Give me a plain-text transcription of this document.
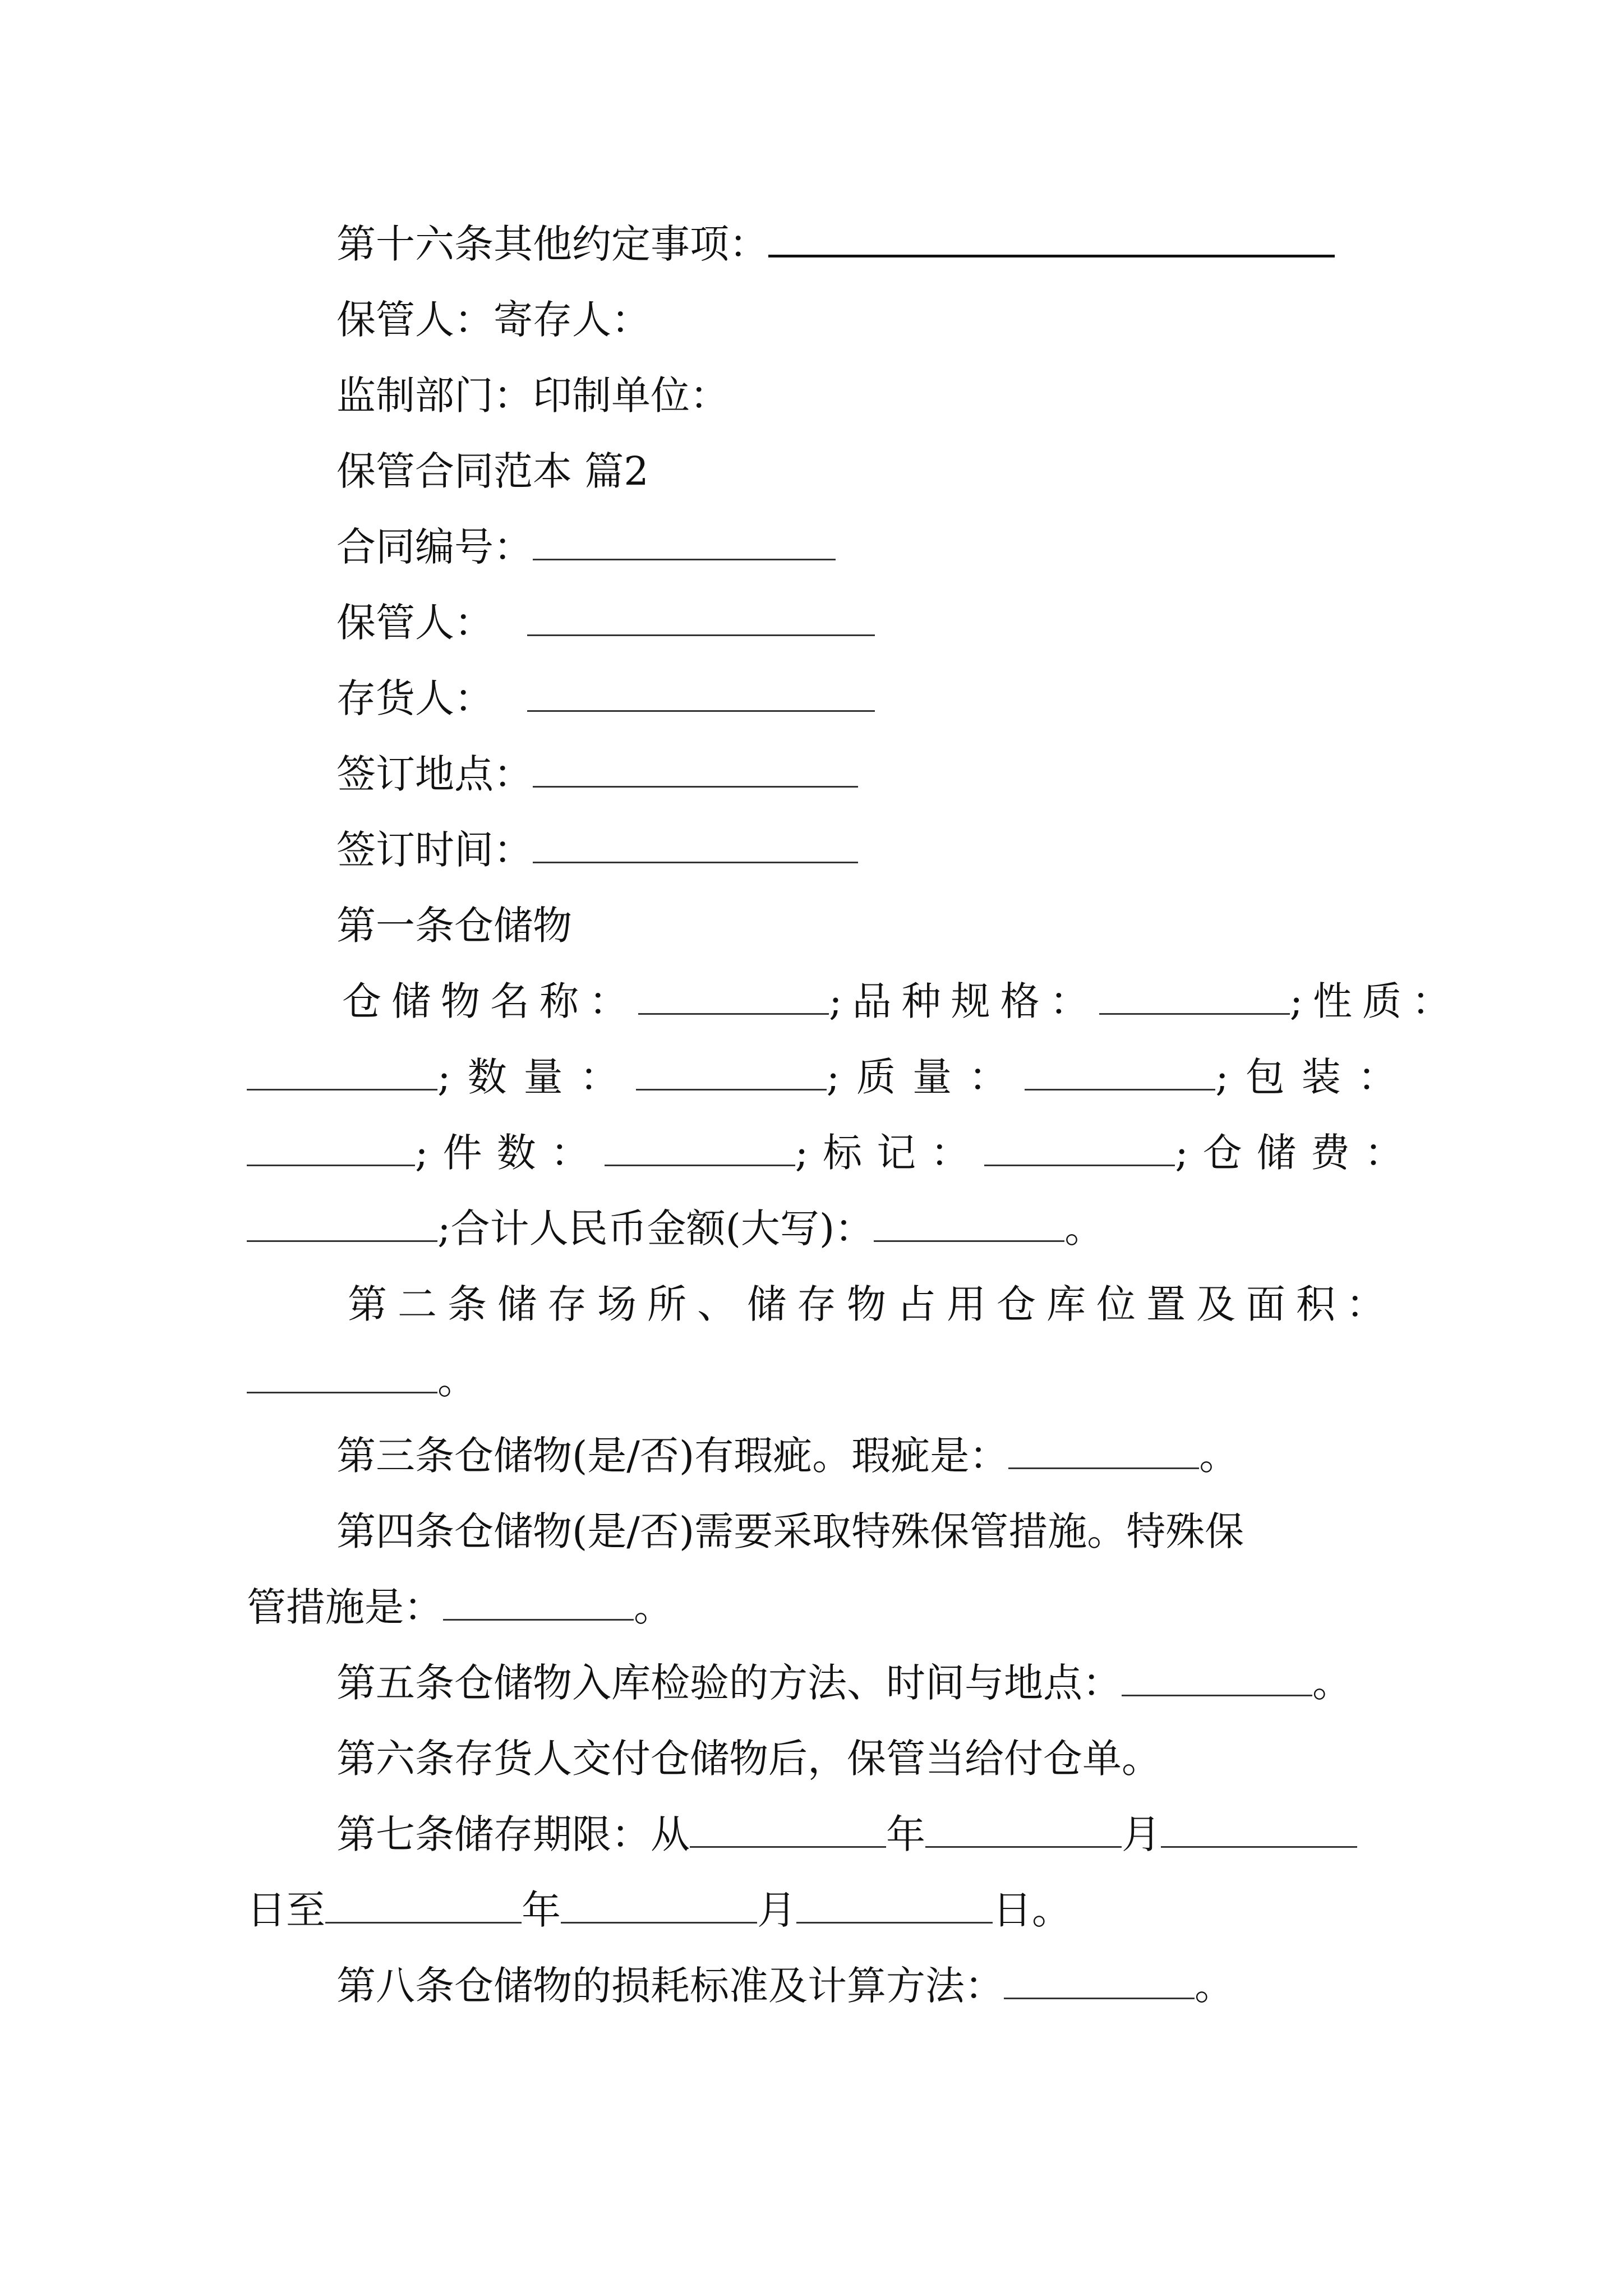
第十六条其他约定事项：
保管人：寄存人：
监制部门：印制单位：
保管合同范本 篇2
合同编号：
保管人：
存货人：
签订地点：
签订时间：
第一条仓储物
仓储物名称：	;品种规格：	;性质：
;数量：	;质量：	;包装：
;件数：	;标记：	;仓储费：
;合计人民币金额(大写)：	。
第二条储存场所、储存物占用仓库位置及面积：
。
第三条仓储物(是/否)有瑕疵。瑕疵是：	。
第四条仓储物(是/否)需要采取特殊保管措施。特殊保
管措施是：	。
第五条仓储物入库检验的方法、时间与地点：	。
第六条存货人交付仓储物后，保管当给付仓单。
第七条储存期限：从	年	月
日至	年	月	日。
第八条仓储物的损耗标准及计算方法：	。
